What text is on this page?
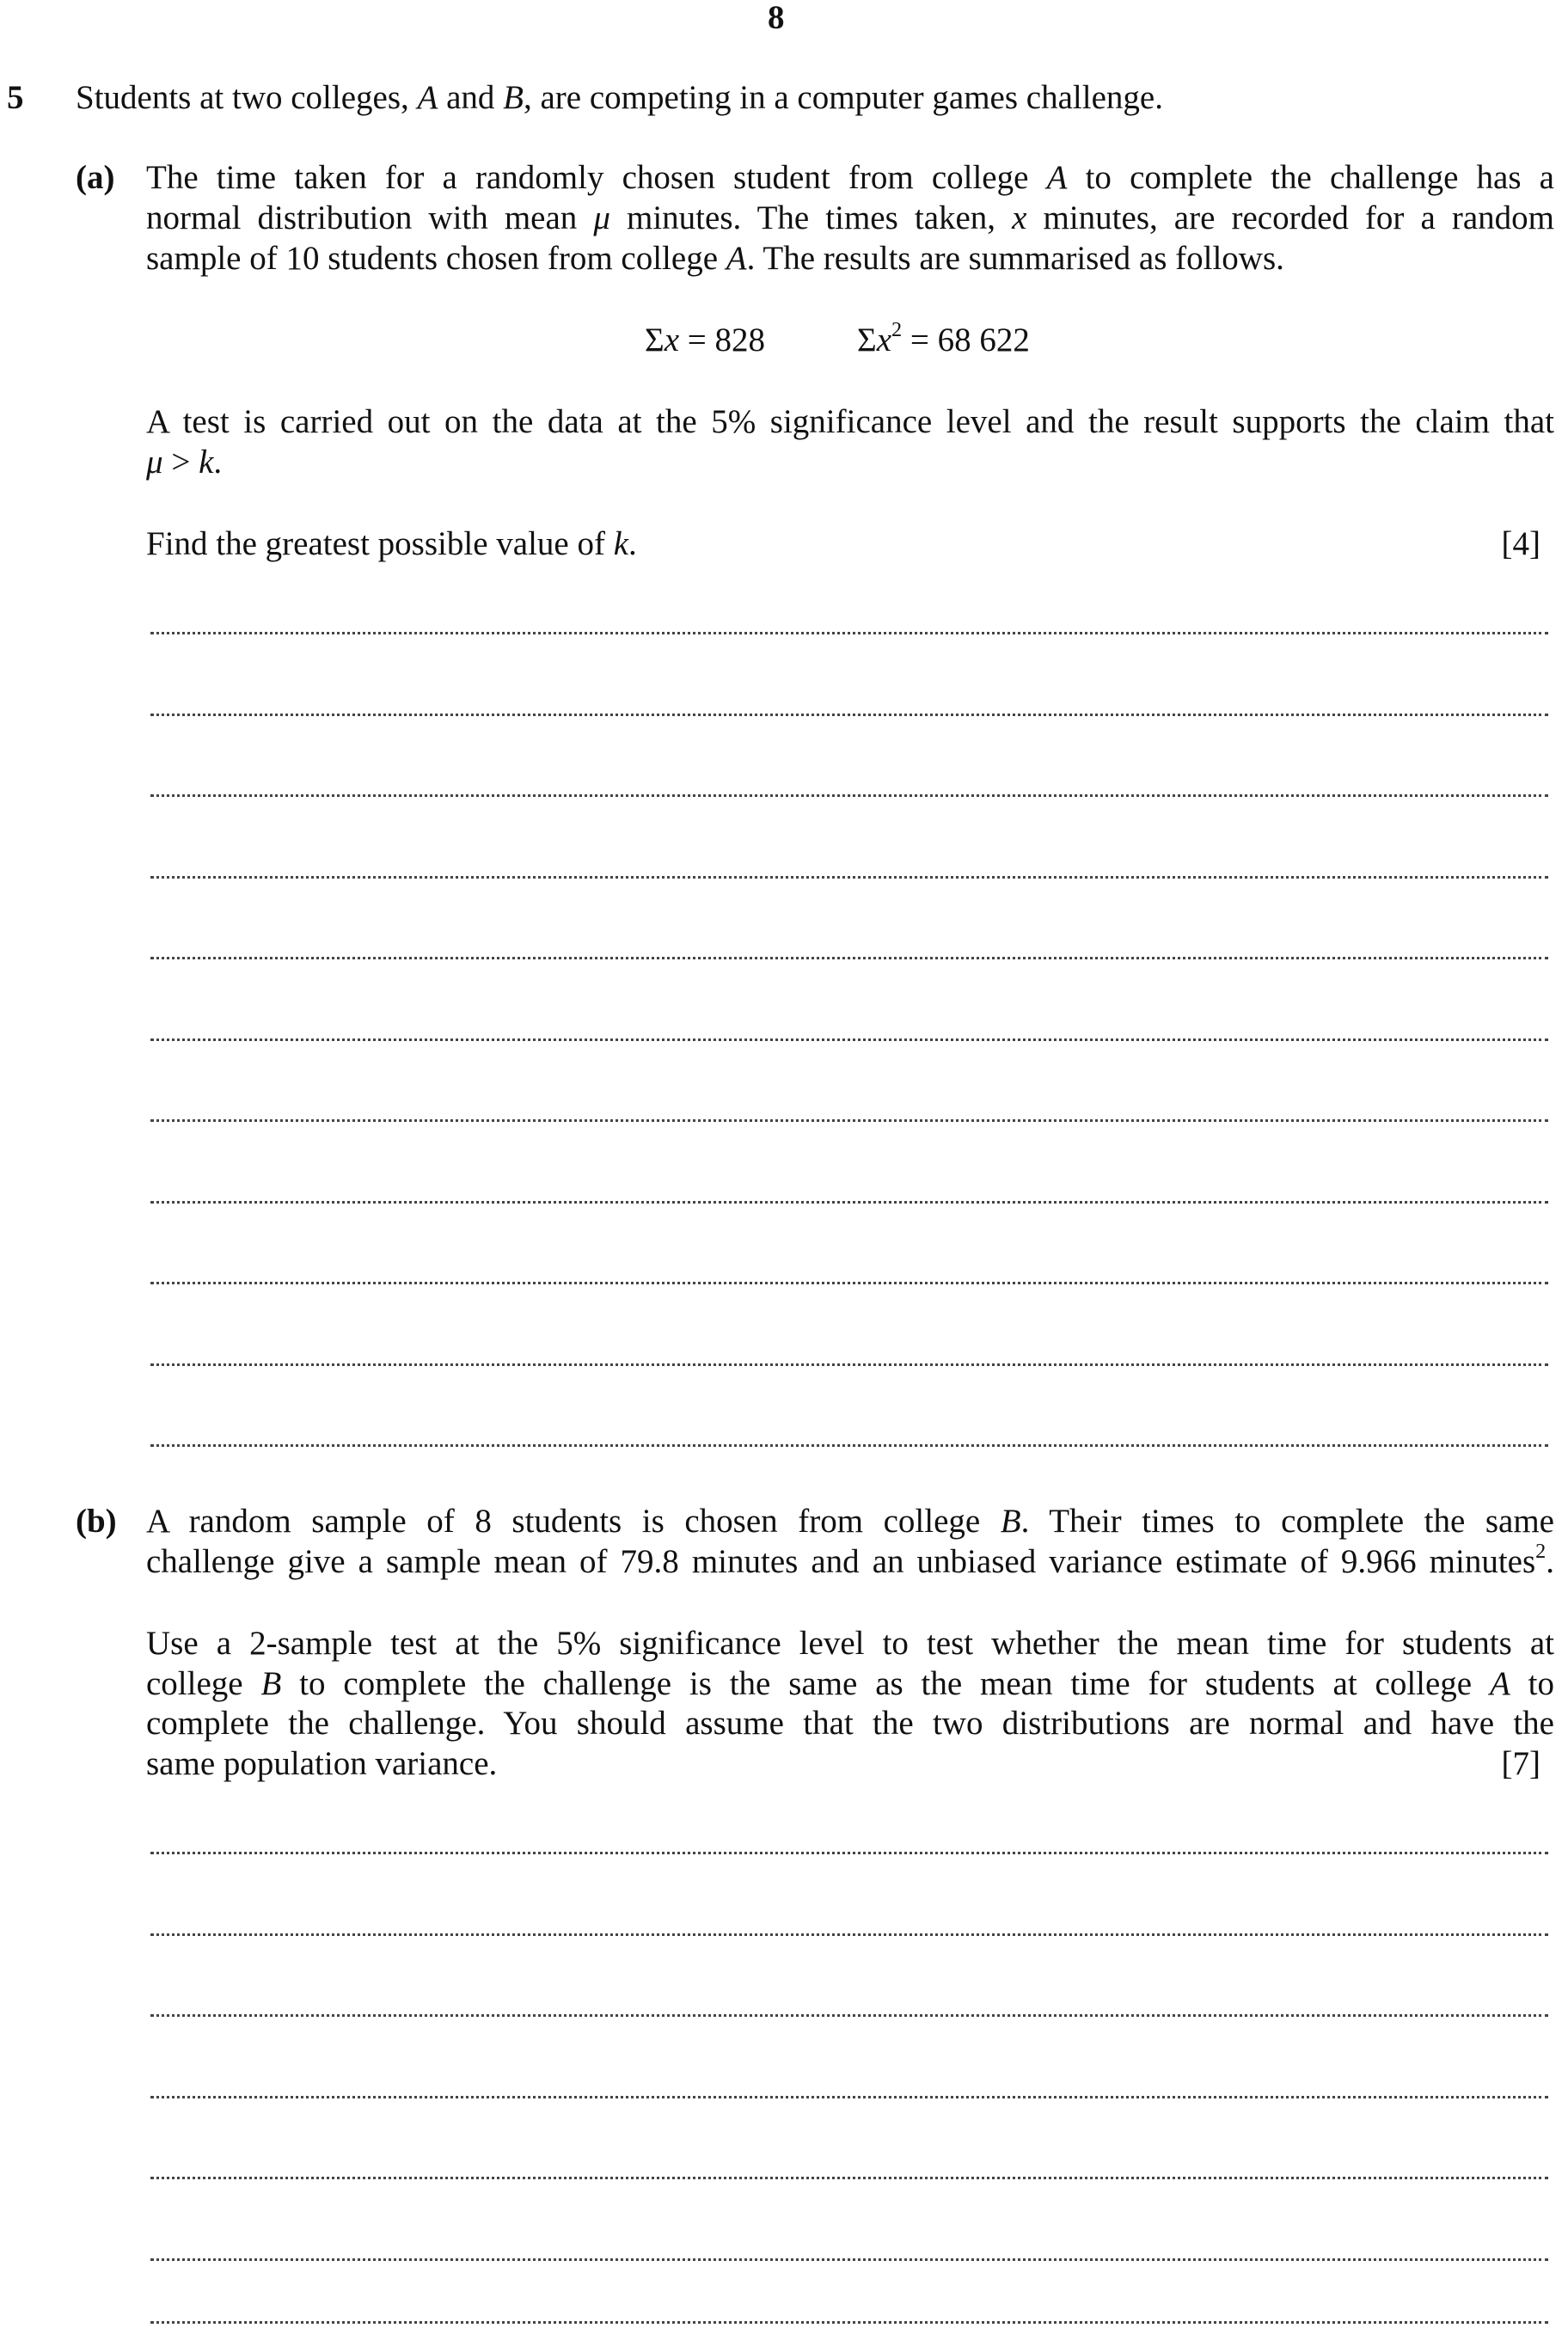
8
5 Students at two colleges, A and B, are competing in a computer games challenge.
(a) The time taken for a randomly chosen student from college A to complete the challenge has a
normal distribution with mean μ minutes. The times taken, x minutes, are recorded for a random
sample of 10 students chosen from college A. The results are summarised as follows.
Σx = 828	$\Sigma x^2 = 68$ 622
A test is carried out on the data at the 5% significance level and the result supports the claim that
μ > k.
Find the greatest possible value of k.	[4]
(b) A random sample of 8 students is chosen from college B. Their times to complete the same
challenge give a sample mean of 79.8 minutes and an unbiased variance estimate of 9.966 minutes$^2$.
Use a 2-sample test at the 5% significance level to test whether the mean time for students at
college B to complete the challenge is the same as the mean time for students at college A to
complete the challenge. You should assume that the two distributions are normal and have the
same population variance.	[7]
